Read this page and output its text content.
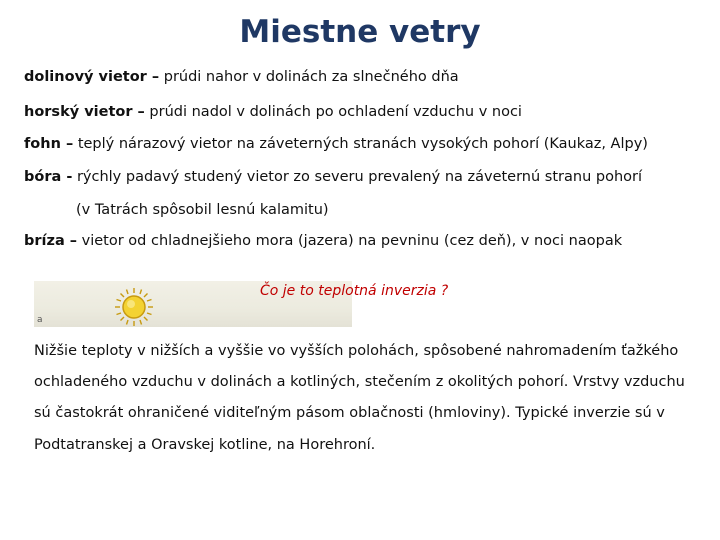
Miestne vetry
dolinový vietor – prúdi nahor v dolinách za slnečného dňa
horský vietor – prúdi nadol v dolinách po ochladení vzduchu v noci
fohn – teplý nárazový vietor na záveterných stranách vysokých pohorí (Kaukaz, Alpy)
bóra - rýchly padavý studený vietor zo severu prevalený na záveternú stranu pohorí
(v Tatrách spôsobil lesnú kalamitu)
bríza – vietor od chladnejšieho mora (jazera) na pevninu (cez deň), v noci naopak
a
Čo je to teplotná inverzia ?
Nižšie teploty v nižších a vyššie vo vyšších polohách, spôsobené nahromadením ťažkého
ochladeného vzduchu v dolinách a kotliných, stečením z okolitých pohorí. Vrstvy vzduchu
sú častokrát ohraničené viditeľným pásom oblačnosti (hmloviny). Typické inverzie sú v
Podtatranskej a Oravskej kotline, na Horehroní.
